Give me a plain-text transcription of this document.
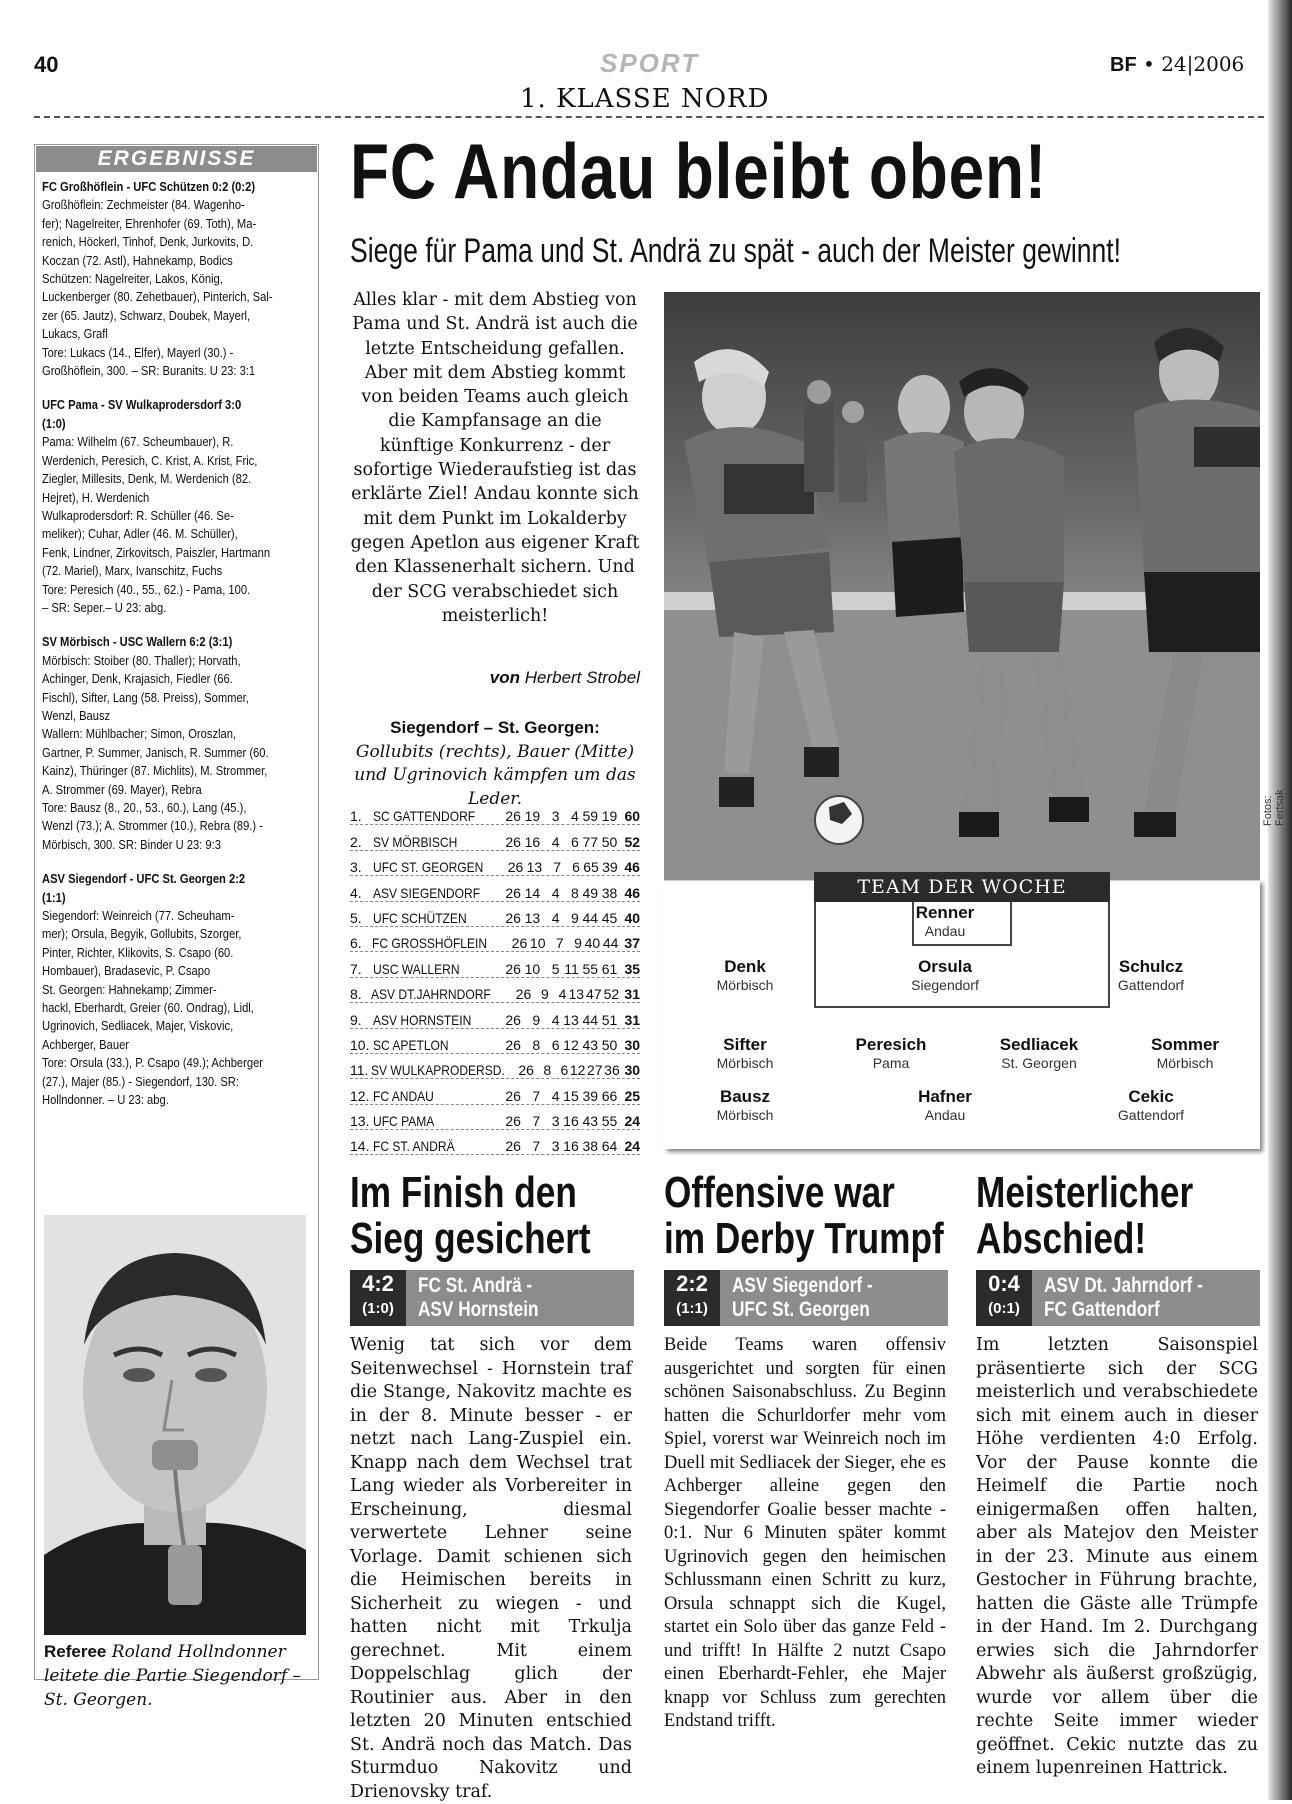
40	SPORT	BF • 24|2006
1. KLASSE NORD
ERGEBNISSE
FC Großhöflein - UFC Schützen 0:2 (0:2)
Großhöflein: Zechmeister (84. Wagenho-
fer); Nagelreiter, Ehrenhofer (69. Toth), Ma-
renich, Höckerl, Tinhof, Denk, Jurkovits, D.
Koczan (72. Astl), Hahnekamp, Bodics
Schützen: Nagelreiter, Lakos, König,
Luckenberger (80. Zehetbauer), Pinterich, Sal-
zer (65. Jautz), Schwarz, Doubek, Mayerl,
Lukacs, Grafl
Tore: Lukacs (14., Elfer), Mayerl (30.) -
Großhöflein, 300. – SR: Buranits. U 23: 3:1
UFC Pama - SV Wulkaprodersdorf 3:0
(1:0)
Pama: Wilhelm (67. Scheumbauer), R.
Werdenich, Peresich, C. Krist, A. Krist, Fric,
Ziegler, Millesits, Denk, M. Werdenich (82.
Hejret), H. Werdenich
Wulkaprodersdorf: R. Schüller (46. Se-
meliker); Cuhar, Adler (46. M. Schüller),
Fenk, Lindner, Zirkovitsch, Paiszler, Hartmann
(72. Mariel), Marx, Ivanschitz, Fuchs
Tore: Peresich (40., 55., 62.) - Pama, 100.
– SR: Seper.– U 23: abg.
SV Mörbisch - USC Wallern 6:2 (3:1)
Mörbisch: Stoiber (80. Thaller); Horvath,
Achinger, Denk, Krajasich, Fiedler (66.
Fischl), Sifter, Lang (58. Preiss), Sommer,
Wenzl, Bausz
Wallern: Mühlbacher; Simon, Oroszlan,
Gartner, P. Summer, Janisch, R. Summer (60.
Kainz), Thüringer (87. Michlits), M. Strommer,
A. Strommer (69. Mayer), Rebra
Tore: Bausz (8., 20., 53., 60.), Lang (45.),
Wenzl (73.); A. Strommer (10.), Rebra (89.) -
Mörbisch, 300. SR: Binder U 23: 9:3
ASV Siegendorf - UFC St. Georgen 2:2
(1:1)
Siegendorf: Weinreich (77. Scheuham-
mer); Orsula, Begyik, Gollubits, Szorger,
Pinter, Richter, Klikovits, S. Csapo (60.
Hombauer), Bradasevic, P. Csapo
St. Georgen: Hahnekamp; Zimmer-
hackl, Eberhardt, Greier (60. Ondrag), Lidl,
Ugrinovich, Sedliacek, Majer, Viskovic,
Achberger, Bauer
Tore: Orsula (33.), P. Csapo (49.); Achberger
(27.), Majer (85.) - Siegendorf, 130. SR:
Hollndonner. – U 23: abg.
Referee Roland Hollndonner leitete die Partie Siegendorf – St. Georgen.
FC Andau bleibt oben!
Siege für Pama und St. Andrä zu spät - auch der Meister gewinnt!
Alles klar - mit dem Abstieg von Pama und St. Andrä ist auch die letzte Entscheidung gefallen. Aber mit dem Abstieg kommt von beiden Teams auch gleich die Kampfansage an die künftige Konkurrenz - der sofortige Wiederaufstieg ist das erklärte Ziel! Andau konnte sich mit dem Punkt im Lokalderby gegen Apetlon aus eigener Kraft den Klassenerhalt sichern. Und der SCG verabschiedet sich meisterlich!
von Herbert Strobel
Siegendorf – St. Georgen: Gollubits (rechts), Bauer (Mitte) und Ugrinovich kämpfen um das Leder.
1. SC GATTENDORF	26 19 3 4 59 19 60
2. SV MÖRBISCH	26 16 4 6 77 50 52
3. UFC ST. GEORGEN	26 13 7 6 65 39 46
4. ASV SIEGENDORF	26 14 4 8 49 38 46
5. UFC SCHÜTZEN	26 13 4 9 44 45 40
6. FC GROSSHÖFLEIN	26 10 7 9 40 44 37
7. USC WALLERN	26 10 5 11 55 61 35
8. ASV DT.JAHRNDORF	26 9 4 13 47 52 31
9. ASV HORNSTEIN	26 9 4 13 44 51 31
10. SC APETLON	26 8 6 12 43 50 30
11. SV WULKAPRODERSD. 26 8 6 12 27 36 30
12. FC ANDAU	26 7 4 15 39 66 25
13. UFC PAMA	26 7 3 16 43 55 24
14. FC ST. ANDRÄ	26 7 3 16 38 64 24
Fotos: Fertsak
Renner
Andau
Denk
Mörbisch
Orsula
Siegendorf
Schulcz
Gattendorf
Sifter
Mörbisch
Peresich
Pama
Sedliacek
St. Georgen
Sommer
Mörbisch
Bausz
Mörbisch
Hafner
Andau
Cekic
Gattendorf
TEAM DER WOCHE
Im Finish den
Sieg gesichert
Offensive war
im Derby Trumpf
Meisterlicher
Abschied!
4:2
(1:0)
FC St. Andrä -
ASV Hornstein
2:2
(1:1)
ASV Siegendorf -
UFC St. Georgen
0:4
(0:1)
ASV Dt. Jahrndorf -
FC Gattendorf
Wenig tat sich vor dem Seitenwechsel - Hornstein traf die Stange, Nakovitz machte es in der 8. Minute besser - er netzt nach Lang-Zuspiel ein. Knapp nach dem Wechsel trat Lang wieder als Vorbereiter in Erscheinung, diesmal verwertete Lehner seine Vorlage. Damit schienen sich die Heimischen bereits in Sicherheit zu wiegen - und hatten nicht mit Trkulja gerechnet. Mit einem Doppelschlag glich der Routinier aus. Aber in den letzten 20 Minuten entschied St. Andrä noch das Match. Das Sturmduo Nakovitz und Drienovsky traf.
Beide Teams waren offensiv ausgerichtet und sorgten für einen schönen Saisonabschluss. Zu Beginn hatten die Schurldorfer mehr vom Spiel, vorerst war Weinreich noch im Duell mit Sedliacek der Sieger, ehe es Achberger alleine gegen den Siegendorfer Goalie besser machte - 0:1. Nur 6 Minuten später kommt Ugrinovich gegen den heimischen Schlussmann einen Schritt zu kurz, Orsula schnappt sich die Kugel, startet ein Solo über das ganze Feld - und trifft! In Hälfte 2 nutzt Csapo einen Eberhardt-Fehler, ehe Majer knapp vor Schluss zum gerechten Endstand trifft.
Im letzten Saisonspiel präsentierte sich der SCG meisterlich und verabschiedete sich mit einem auch in dieser Höhe verdienten 4:0 Erfolg. Vor der Pause konnte die Heimelf die Partie noch einigermaßen offen halten, aber als Matejov den Meister in der 23. Minute aus einem Gestocher in Führung brachte, hatten die Gäste alle Trümpfe in der Hand. Im 2. Durchgang erwies sich die Jahrndorfer Abwehr als äußerst großzügig, wurde vor allem über die rechte Seite immer wieder geöffnet. Cekic nutzte das zu einem lupenreinen Hattrick.
